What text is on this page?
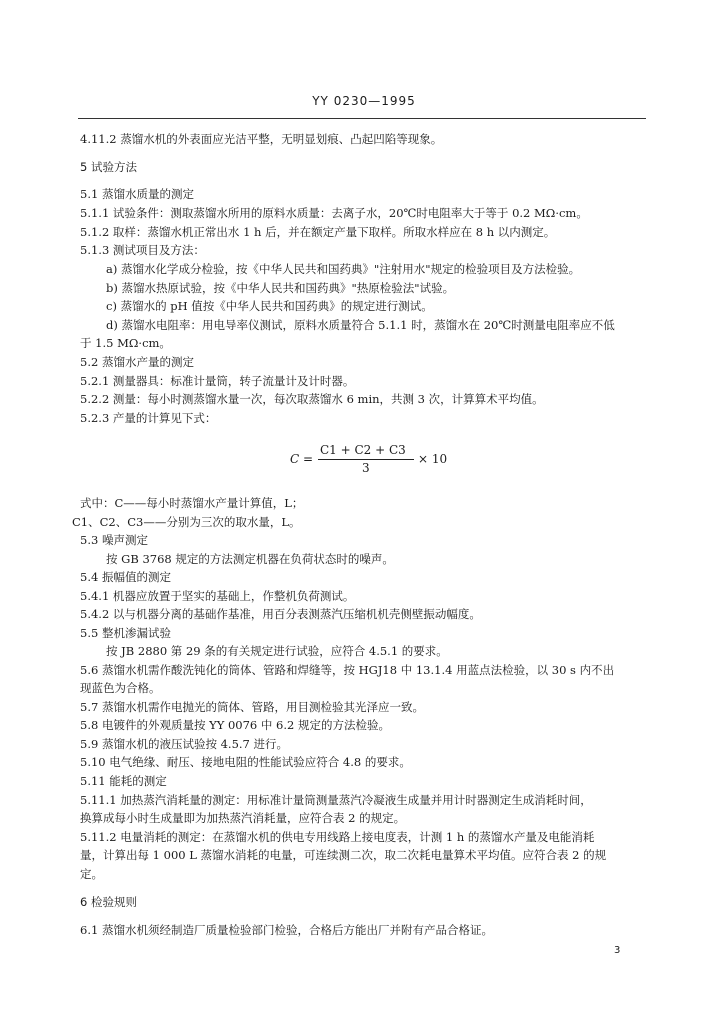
YY 0230—1995
4.11.2 蒸馏水机的外表面应光洁平整，无明显划痕、凸起凹陷等现象。
5 试验方法
5.1 蒸馏水质量的测定
5.1.1 试验条件：测取蒸馏水所用的原料水质量：去离子水，20℃时电阻率大于等于 0.2 MΩ·cm。
5.1.2 取样：蒸馏水机正常出水 1 h 后，并在额定产量下取样。所取水样应在 8 h 以内测定。
5.1.3 测试项目及方法：
a) 蒸馏水化学成分检验，按《中华人民共和国药典》"注射用水"规定的检验项目及方法检验。
b) 蒸馏水热原试验，按《中华人民共和国药典》"热原检验法"试验。
c) 蒸馏水的 pH 值按《中华人民共和国药典》的规定进行测试。
d) 蒸馏水电阻率：用电导率仪测试，原料水质量符合 5.1.1 时，蒸馏水在 20℃时测量电阻率应不低
于 1.5 MΩ·cm。
5.2 蒸馏水产量的测定
5.2.1 测量器具：标准计量筒，转子流量计及计时器。
5.2.2 测量：每小时测蒸馏水量一次，每次取蒸馏水 6 min，共测 3 次，计算算术平均值。
5.2.3 产量的计算见下式：
C =
C1 + C2 + C3
3
× 10
式中：C——每小时蒸馏水产量计算值，L；
C1、C2、C3——分别为三次的取水量，L。
5.3 噪声测定
按 GB 3768 规定的方法测定机器在负荷状态时的噪声。
5.4 振幅值的测定
5.4.1 机器应放置于坚实的基础上，作整机负荷测试。
5.4.2 以与机器分离的基础作基准，用百分表测蒸汽压缩机机壳侧壁振动幅度。
5.5 整机渗漏试验
按 JB 2880 第 29 条的有关规定进行试验，应符合 4.5.1 的要求。
5.6 蒸馏水机需作酸洗钝化的筒体、管路和焊缝等，按 HGJ18 中 13.1.4 用蓝点法检验，以 30 s 内不出
现蓝色为合格。
5.7 蒸馏水机需作电抛光的筒体、管路，用目测检验其光泽应一致。
5.8 电镀件的外观质量按 YY 0076 中 6.2 规定的方法检验。
5.9 蒸馏水机的液压试验按 4.5.7 进行。
5.10 电气绝缘、耐压、接地电阻的性能试验应符合 4.8 的要求。
5.11 能耗的测定
5.11.1 加热蒸汽消耗量的测定：用标准计量筒测量蒸汽冷凝液生成量并用计时器测定生成消耗时间，
换算成每小时生成量即为加热蒸汽消耗量，应符合表 2 的规定。
5.11.2 电量消耗的测定：在蒸馏水机的供电专用线路上接电度表，计测 1 h 的蒸馏水产量及电能消耗
量，计算出每 1 000 L 蒸馏水消耗的电量，可连续测二次，取二次耗电量算术平均值。应符合表 2 的规
定。
6 检验规则
6.1 蒸馏水机须经制造厂质量检验部门检验，合格后方能出厂并附有产品合格证。
3
